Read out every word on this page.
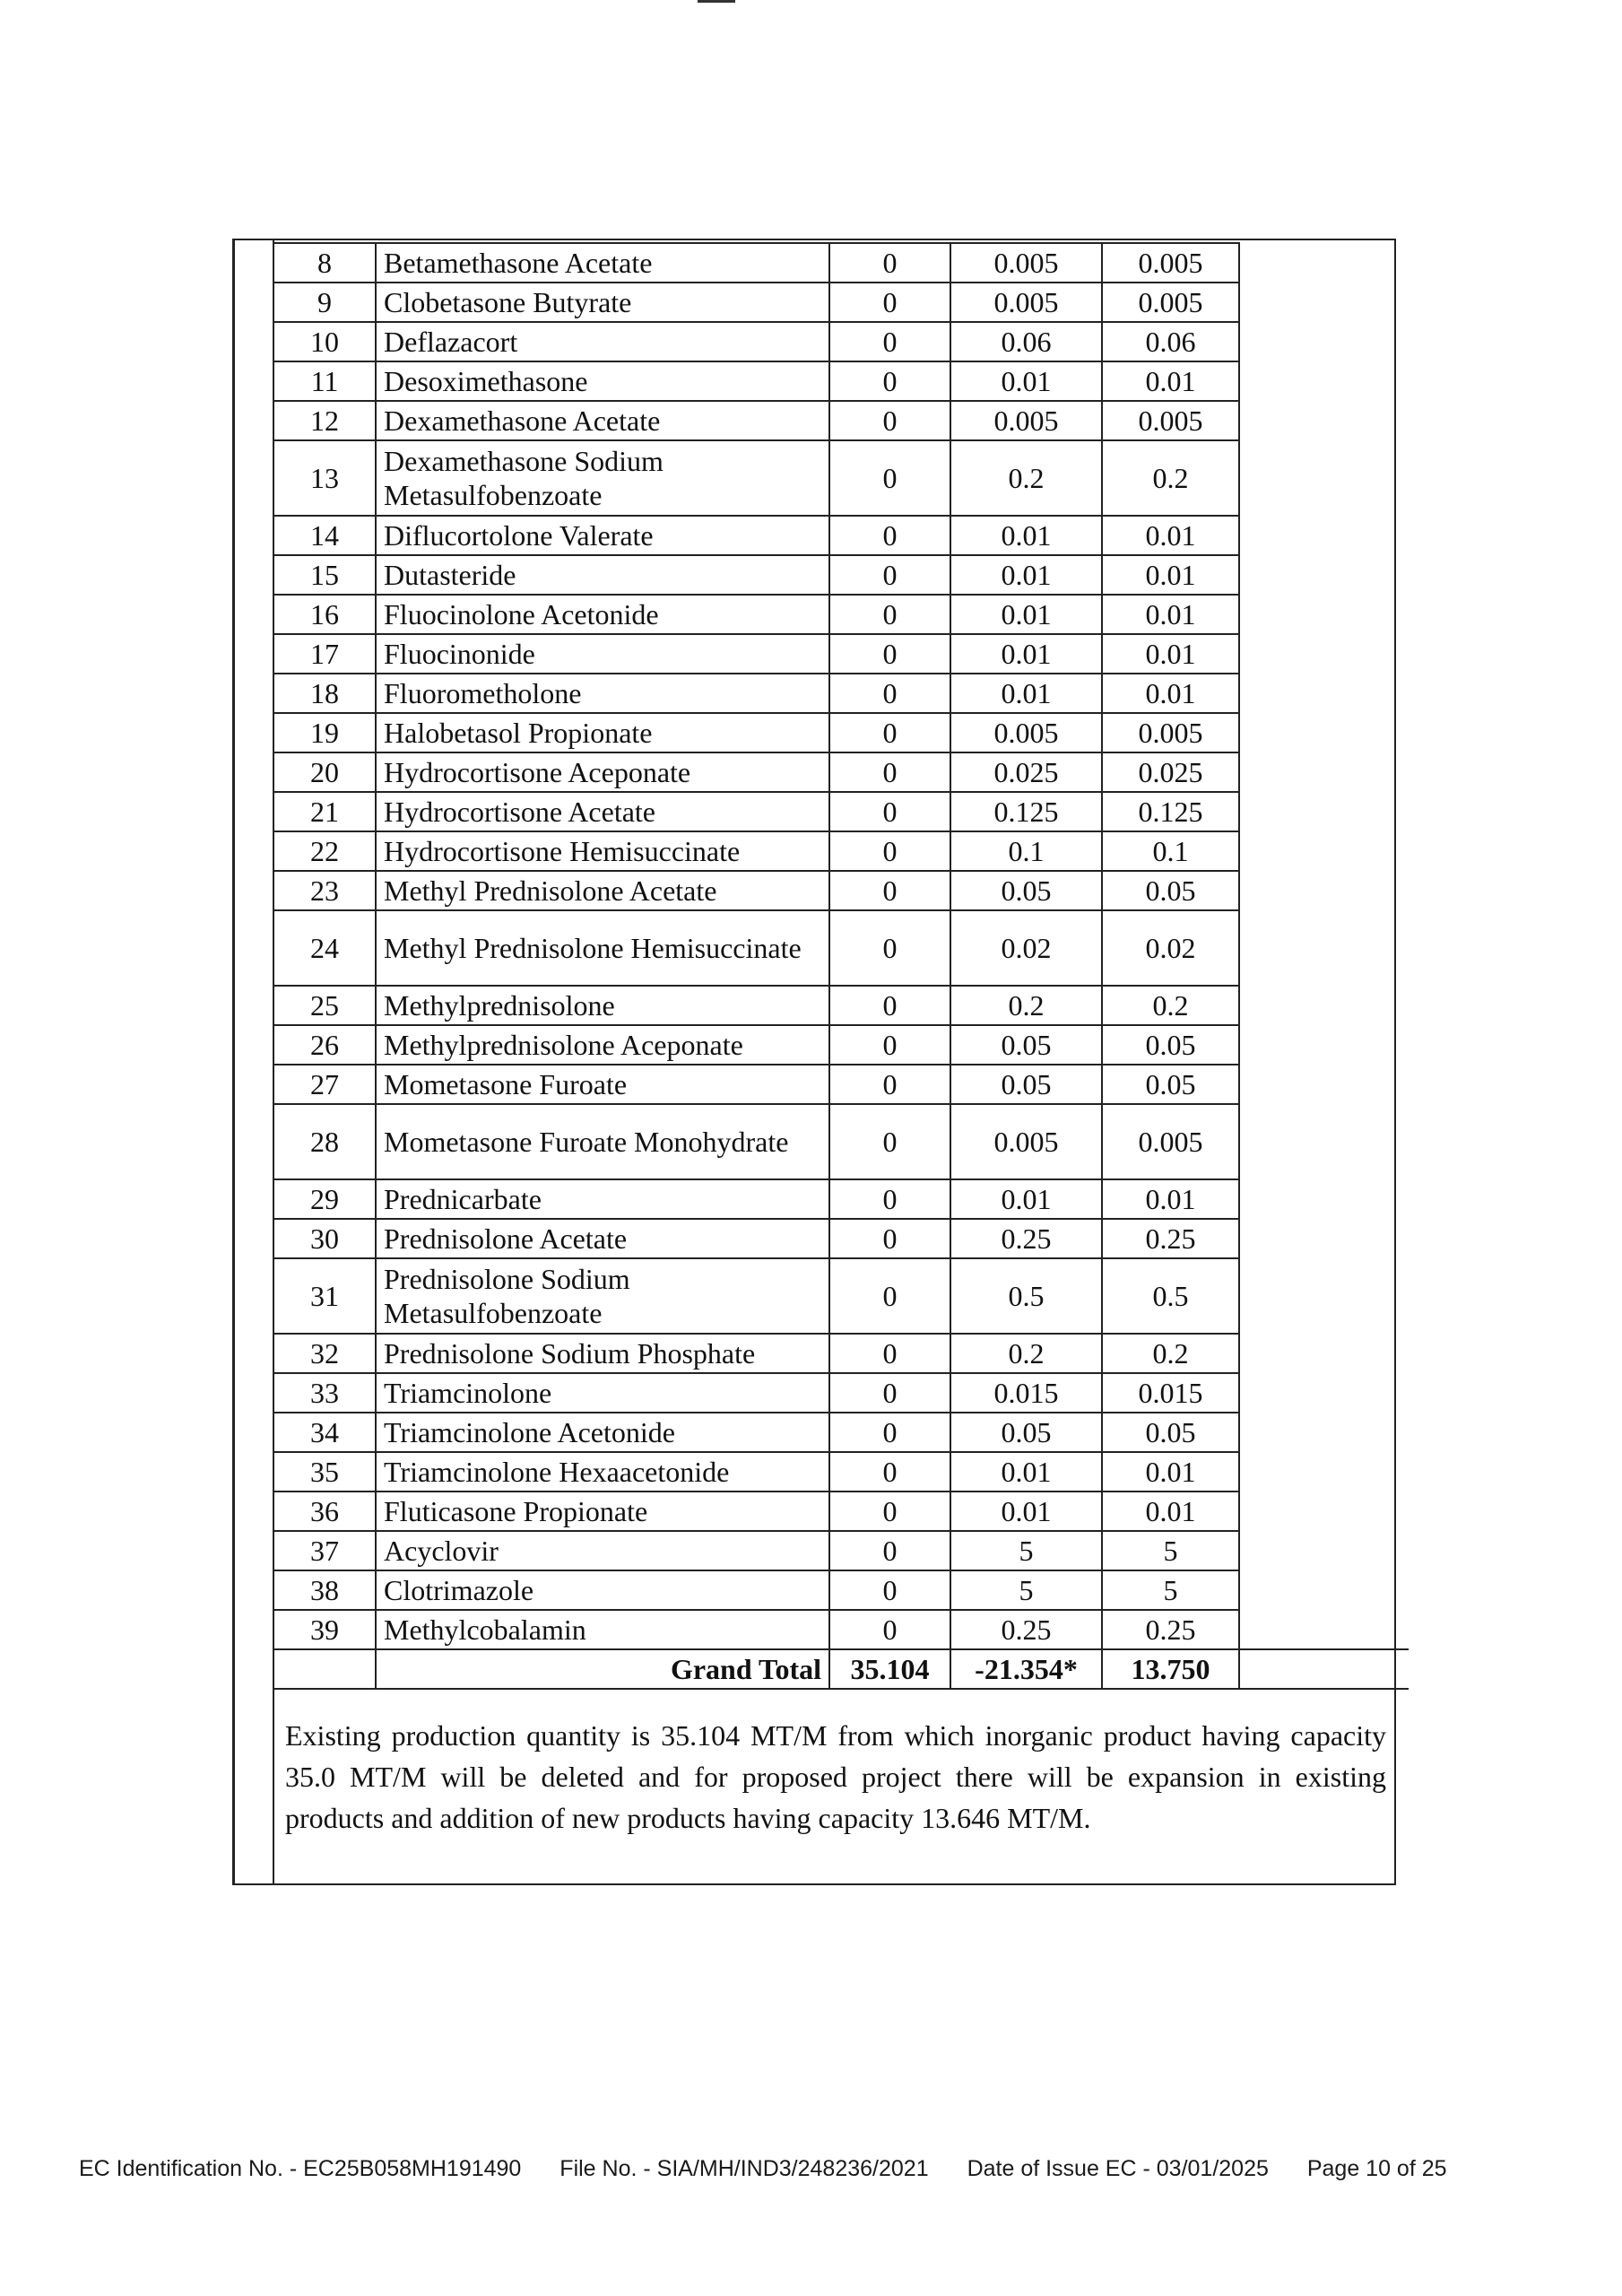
8	Betamethasone Acetate	0	0.005	0.005	
9	Clobetasone Butyrate	0	0.005	0.005	
10	Deflazacort	0	0.06	0.06	
11	Desoximethasone	0	0.01	0.01	
12	Dexamethasone Acetate	0	0.005	0.005	
13	Dexamethasone Sodium Metasulfobenzoate	0	0.2	0.2	
14	Diflucortolone Valerate	0	0.01	0.01	
15	Dutasteride	0	0.01	0.01	
16	Fluocinolone Acetonide	0	0.01	0.01	
17	Fluocinonide	0	0.01	0.01	
18	Fluorometholone	0	0.01	0.01	
19	Halobetasol Propionate	0	0.005	0.005	
20	Hydrocortisone Aceponate	0	0.025	0.025	
21	Hydrocortisone Acetate	0	0.125	0.125	
22	Hydrocortisone Hemisuccinate	0	0.1	0.1	
23	Methyl Prednisolone Acetate	0	0.05	0.05	
24	Methyl Prednisolone Hemisuccinate	0	0.02	0.02	
25	Methylprednisolone	0	0.2	0.2	
26	Methylprednisolone Aceponate	0	0.05	0.05	
27	Mometasone Furoate	0	0.05	0.05	
28	Mometasone Furoate Monohydrate	0	0.005	0.005	
29	Prednicarbate	0	0.01	0.01	
30	Prednisolone Acetate	0	0.25	0.25	
31	Prednisolone Sodium Metasulfobenzoate	0	0.5	0.5	
32	Prednisolone Sodium Phosphate	0	0.2	0.2	
33	Triamcinolone	0	0.015	0.015	
34	Triamcinolone Acetonide	0	0.05	0.05	
35	Triamcinolone Hexaacetonide	0	0.01	0.01	
36	Fluticasone Propionate	0	0.01	0.01	
37	Acyclovir	0	5	5	
38	Clotrimazole	0	5	5	
39	Methylcobalamin	0	0.25	0.25	
	Grand Total	35.104	-21.354*	13.750	
Existing production quantity is 35.104 MT/M from which inorganic product having capacity 35.0 MT/M will be deleted and for proposed project there will be expansion in existing products and addition of new products having capacity 13.646 MT/M.
EC Identification No. - EC25B058MH191490 File No. - SIA/MH/IND3/248236/2021 Date of Issue EC - 03/01/2025 Page 10 of 25
